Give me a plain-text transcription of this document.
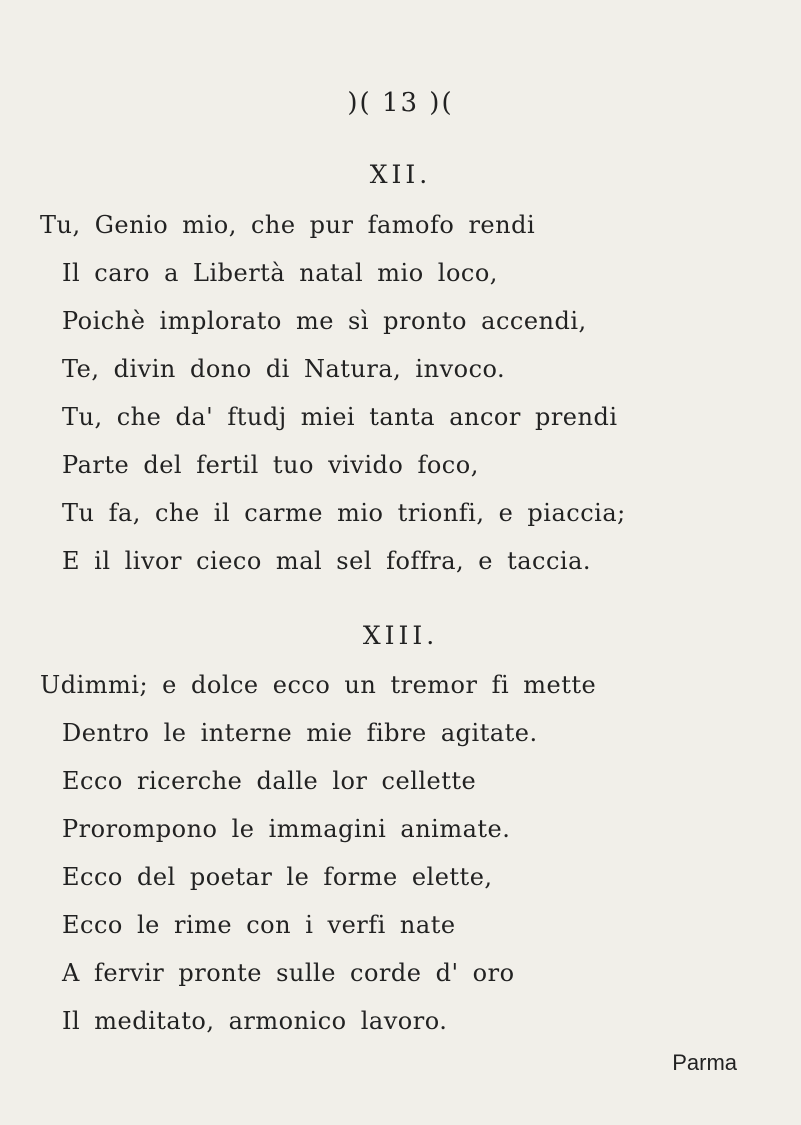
)( 13 )(
XII.
Tu, Genio mio, che pur famofo rendi
Il caro a Libertà natal mio loco,
Poichè implorato me sì pronto accendi,
Te, divin dono di Natura, invoco.
Tu, che da' ftudj miei tanta ancor prendi
Parte del fertil tuo vivido foco,
Tu fa, che il carme mio trionfi, e piaccia;
E il livor cieco mal sel foffra, e taccia.
XIII.
Udimmi; e dolce ecco un tremor fi mette
Dentro le interne mie fibre agitate.
Ecco ricerche dalle lor cellette
Prorompono le immagini animate.
Ecco del poetar le forme elette,
Ecco le rime con i verfi nate
A fervir pronte sulle corde d' oro
Il meditato, armonico lavoro.
Parma
